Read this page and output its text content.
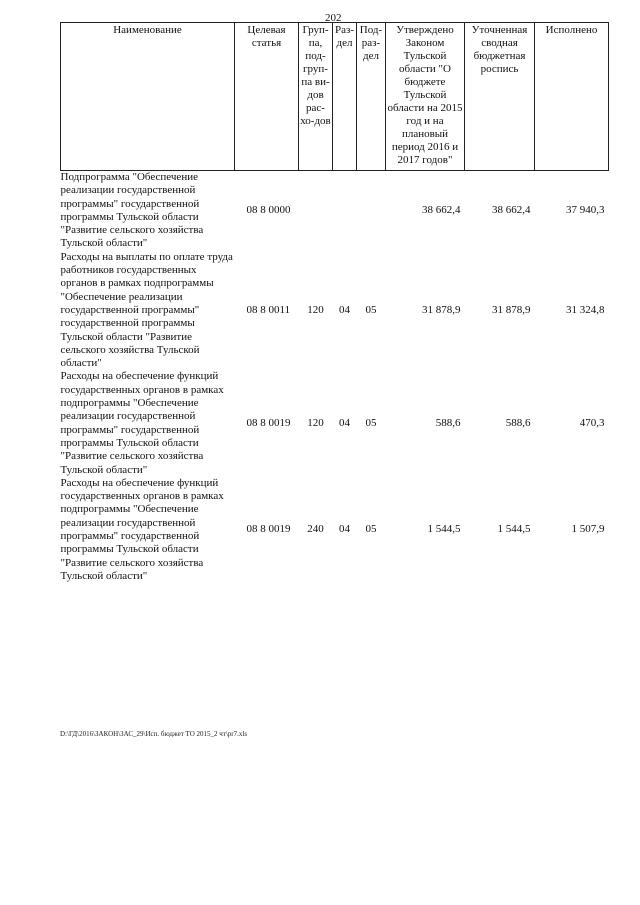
202
Наименование	Целевая статья	Груп-па, под-груп-па ви-дов рас-хо-дов	Раз-дел	Под-раз-дел	Утверждено Законом Тульской области "О бюджете Тульской области на 2015 год и на плановый период 2016 и 2017 годов"	Уточненная сводная бюджетная роспись	Исполнено
Подпрограмма "Обеспечение реализации государственной программы" государственной программы Тульской области "Развитие сельского хозяйства Тульской области"	08 8 0000				38 662,4	38 662,4	37 940,3
Расходы на выплаты по оплате труда работников государственных органов в рамках подпрограммы "Обеспечение реализации государственной программы" государственной программы Тульской области "Развитие сельского хозяйства Тульской области"	08 8 0011	120	04	05	31 878,9	31 878,9	31 324,8
Расходы на обеспечение функций государственных органов в рамках подпрограммы "Обеспечение реализации государственной программы" государственной программы Тульской области "Развитие сельского хозяйства Тульской области"	08 8 0019	120	04	05	588,6	588,6	470,3
Расходы на обеспечение функций государственных органов в рамках подпрограммы "Обеспечение реализации государственной программы" государственной программы Тульской области "Развитие сельского хозяйства Тульской области"	08 8 0019	240	04	05	1 544,5	1 544,5	1 507,9
D:\ГД\2016\ЗАКОН\ЗАС_29\Исп. бюджет ТО 2015_2 чт\pr7.xls
